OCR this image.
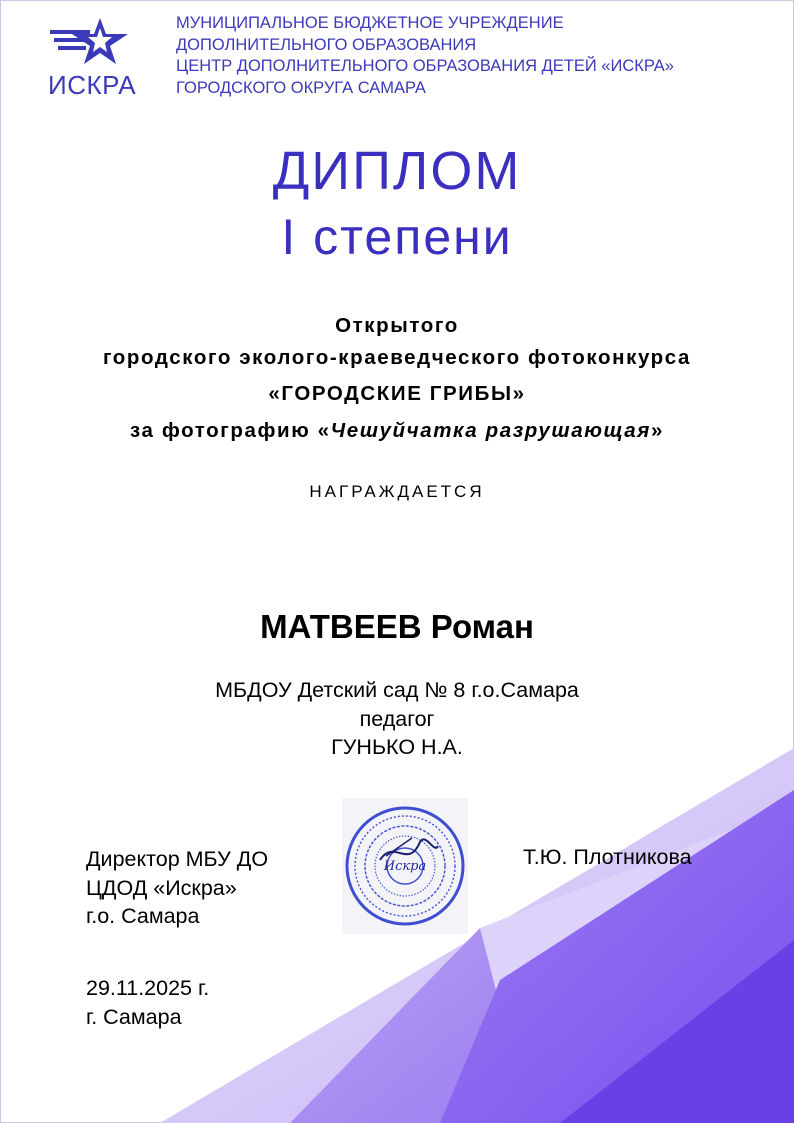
ИСКРА
МУНИЦИПАЛЬНОЕ БЮДЖЕТНОЕ УЧРЕЖДЕНИЕ
ДОПОЛНИТЕЛЬНОГО ОБРАЗОВАНИЯ
ЦЕНТР ДОПОЛНИТЕЛЬНОГО ОБРАЗОВАНИЯ ДЕТЕЙ «ИСКРА»
ГОРОДСКОГО ОКРУГА САМАРА
ДИПЛОМ
I степени
Открытого
городского эколого-краеведческого фотоконкурса
«ГОРОДСКИЕ ГРИБЫ»
за фотографию «Чешуйчатка разрушающая»
НАГРАЖДАЕТСЯ
МАТВЕЕВ Роман
МБДОУ Детский сад № 8 г.о.Самара
педагог
ГУНЬКО Н.А.
Искра
Директор МБУ ДО
ЦДОД «Искра»
г.о. Самара
Т.Ю. Плотникова
29.11.2025 г.
г. Самара
